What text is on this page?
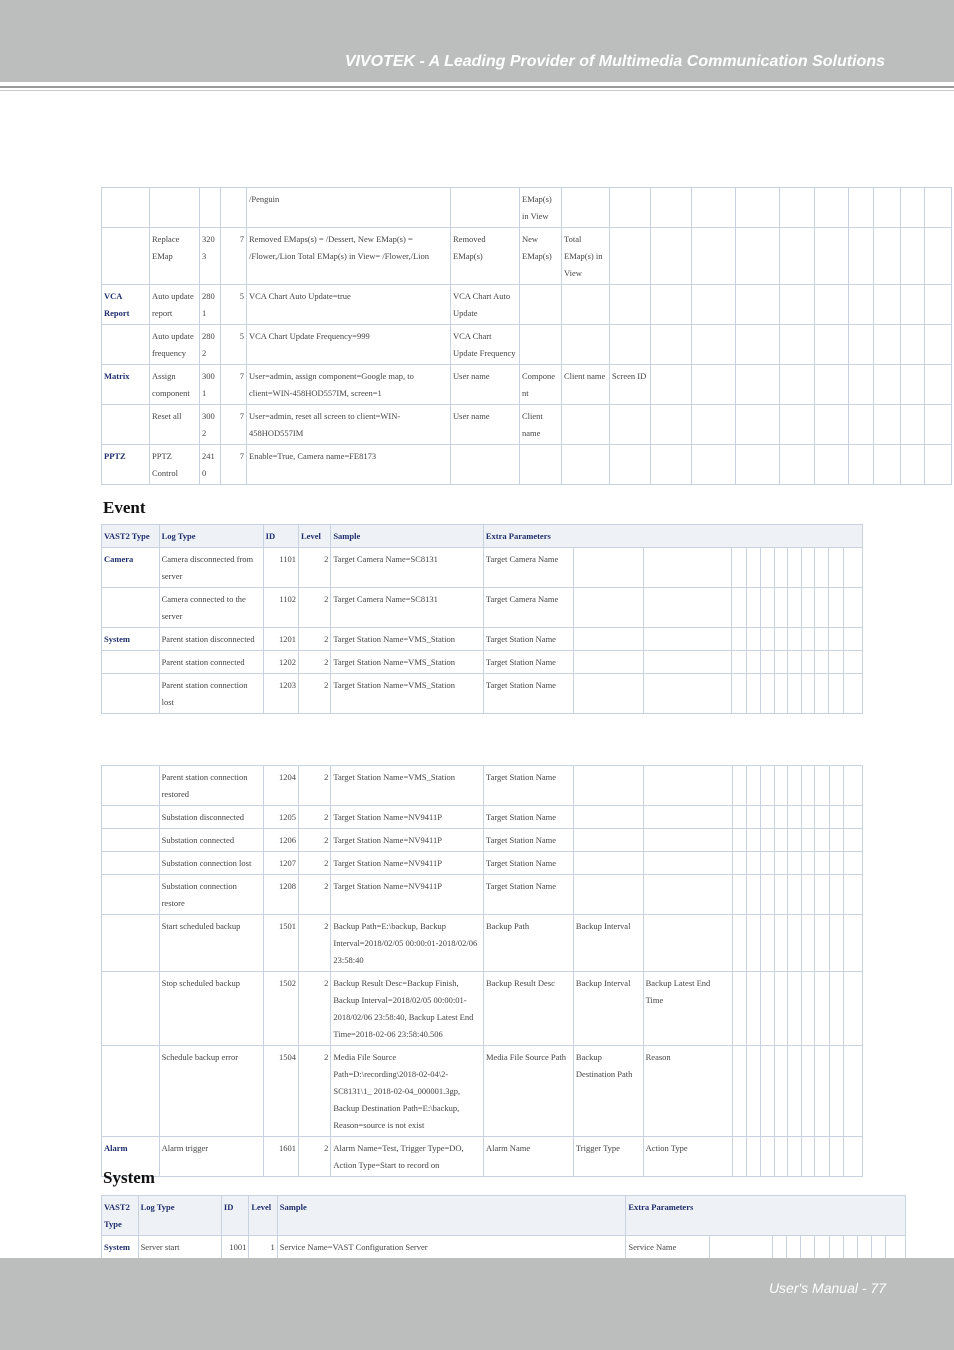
VIVOTEK - A Leading Provider of Multimedia Communication Solutions
				/Penguin		EMap(s) in View											
	Replace EMap	3203	7	Removed EMaps(s) = /Dessert, New EMap(s) = /Flower,/Lion Total EMap(s) in View= /Flower,/Lion	Removed EMap(s)	New EMap(s)	Total EMap(s) in View										
VCA Report	Auto update report	2801	5	VCA Chart Auto Update=true	VCA Chart Auto Update												
	Auto update frequency	2802	5	VCA Chart Update Frequency=999	VCA Chart Update Frequency												
Matrix	Assign component	3001	7	User=admin, assign component=Google map, to client=WIN-458HOD557IM, screen=1	User name	Component	Client name	Screen ID									
	Reset all	3002	7	User=admin, reset all screen to client=WIN-458HOD557IM	User name	Client name											
PPTZ	PPTZ Control	2410	7	Enable=True, Camera name=FE8173													
Event
VAST2 Type	Log Type	ID	Level	Sample	Extra Parameters											
Camera	Camera disconnected from server	1101	2	Target Camera Name=SC8131	Target Camera Name											
	Camera connected to the server	1102	2	Target Camera Name=SC8131	Target Camera Name											
System	Parent station disconnected	1201	2	Target Station Name=VMS_Station	Target Station Name											
	Parent station connected	1202	2	Target Station Name=VMS_Station	Target Station Name											
	Parent station connection lost	1203	2	Target Station Name=VMS_Station	Target Station Name											
	Parent station connection restored	1204	2	Target Station Name=VMS_Station	Target Station Name											
	Substation disconnected	1205	2	Target Station Name=NV9411P	Target Station Name											
	Substation connected	1206	2	Target Station Name=NV9411P	Target Station Name											
	Substation connection lost	1207	2	Target Station Name=NV9411P	Target Station Name											
	Substation connection restore	1208	2	Target Station Name=NV9411P	Target Station Name											
	Start scheduled backup	1501	2	Backup Path=E:\backup, Backup Interval=2018/02/05 00:00:01-2018/02/06 23:58:40	Backup Path	Backup Interval										
	Stop scheduled backup	1502	2	Backup Result Desc=Backup Finish, Backup Interval=2018/02/05 00:00:01-2018/02/06 23:58:40, Backup Latest End Time=2018-02-06 23:58:40.506	Backup Result Desc	Backup Interval	Backup Latest End Time									
	Schedule backup error	1504	2	Media File Source Path=D:\recording\2018-02-04\2-SC8131\1_ 2018-02-04_000001.3gp, Backup Destination Path=E:\backup, Reason=source is not exist	Media File Source Path	Backup Destination Path	Reason									
Alarm	Alarm trigger	1601	2	Alarm Name=Test, Trigger Type=DO, Action Type=Start to record on	Alarm Name	Trigger Type	Action Type									
System
VAST2 Type	Log Type	ID	Level	Sample	Extra Parameters										
System	Server start	1001	1	Service Name=VAST Configuration Server	Service Name										
User's Manual - 77
